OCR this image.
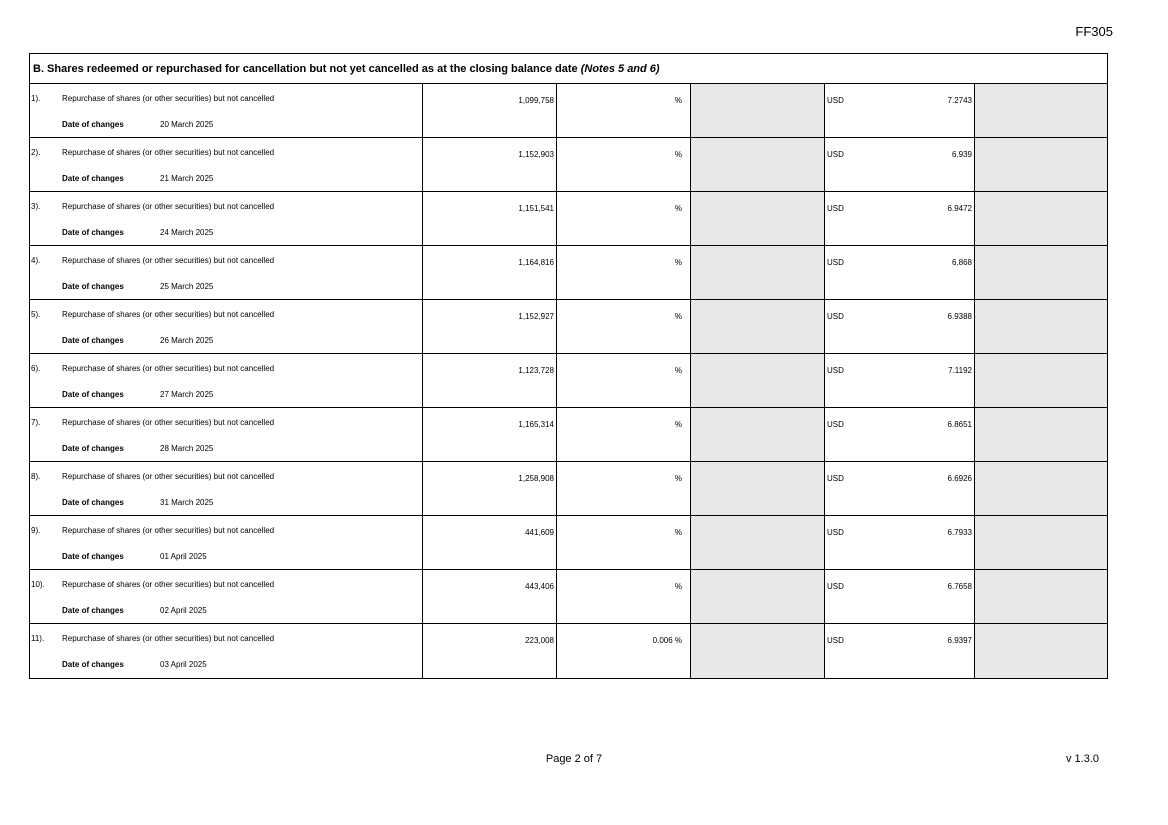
FF305
B. Shares redeemed or repurchased for cancellation but not yet cancelled as at the closing balance date (Notes 5 and 6)
1).	Repurchase of shares (or other securities) but not cancelled
Date of changes	20 March 2025
1,099,758	%	USD	7.2743
2).	Repurchase of shares (or other securities) but not cancelled
Date of changes	21 March 2025
1,152,903	%	USD	6.939
3).	Repurchase of shares (or other securities) but not cancelled
Date of changes	24 March 2025
1,151,541	%	USD	6.9472
4).	Repurchase of shares (or other securities) but not cancelled
Date of changes	25 March 2025
1,164,816	%	USD	6.868
5).	Repurchase of shares (or other securities) but not cancelled
Date of changes	26 March 2025
1,152,927	%	USD	6.9388
6).	Repurchase of shares (or other securities) but not cancelled
Date of changes	27 March 2025
1,123,728	%	USD	7.1192
7).	Repurchase of shares (or other securities) but not cancelled
Date of changes	28 March 2025
1,165,314	%	USD	6.8651
8).	Repurchase of shares (or other securities) but not cancelled
Date of changes	31 March 2025
1,258,908	%	USD	6.6926
9).	Repurchase of shares (or other securities) but not cancelled
Date of changes	01 April 2025
441,609	%	USD	6.7933
10). Repurchase of shares (or other securities) but not cancelled
Date of changes	02 April 2025
443,406	%	USD	6.7658
11). Repurchase of shares (or other securities) but not cancelled
Date of changes	03 April 2025
223,008	0.006 %	USD	6.9397
Page 2 of 7	v 1.3.0
